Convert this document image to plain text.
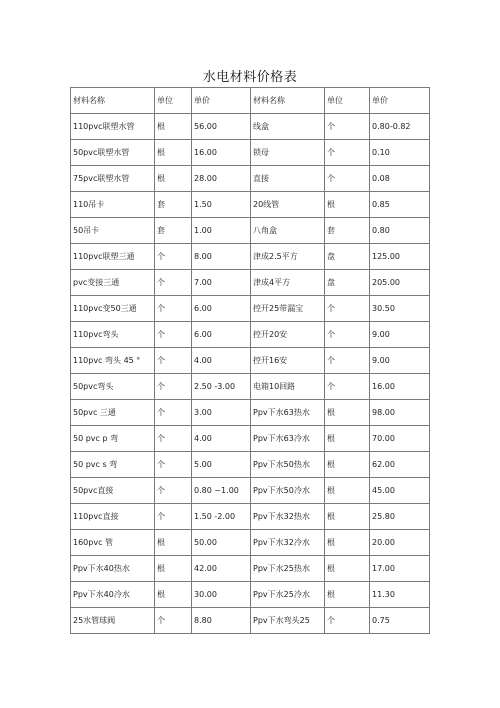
水电材料价格表
材料名称	单位	单价	材料名称	单位	单价
110pvc联塑水管	根	56.00	线盒	个	0.80-0.82
50pvc联塑水管	根	16.00	锁母	个	0.10
75pvc联塑水管	根	28.00	直接	个	0.08
110吊卡	套	1.50	20线管	根	0.85
50吊卡	套	1.00	八角盒	套	0.80
110pvc联塑三通	个	8.00	津成2.5平方	盘	125.00
pvc变接三通	个	7.00	津成4平方	盘	205.00
110pvc变50三通	个	6.00	控开25带漏宝	个	30.50
110pvc弯头	个	6.00	控开20安	个	9.00
110pvc 弯头 45 °	个	4.00	控开16安	个	9.00
50pvc弯头	个	2.50 -3.00	电箱10回路	个	16.00
50pvc 三通	个	3.00	Ppv下水63热水	根	98.00
50 pvc p 弯	个	4.00	Ppv下水63冷水	根	70.00
50 pvc s 弯	个	5.00	Ppv下水50热水	根	62.00
50pvc直接	个	0.80 ~1.00	Ppv下水50冷水	根	45.00
110pvc直接	个	1.50 -2.00	Ppv下水32热水	根	25.80
160pvc 管	根	50.00	Ppv下水32冷水	根	20.00
Ppv下水40热水	根	42.00	Ppv下水25热水	根	17.00
Ppv下水40冷水	根	30.00	Ppv下水25冷水	根	11.30
25水管球阀	个	8.80	Ppv下水弯头25	个	0.75
